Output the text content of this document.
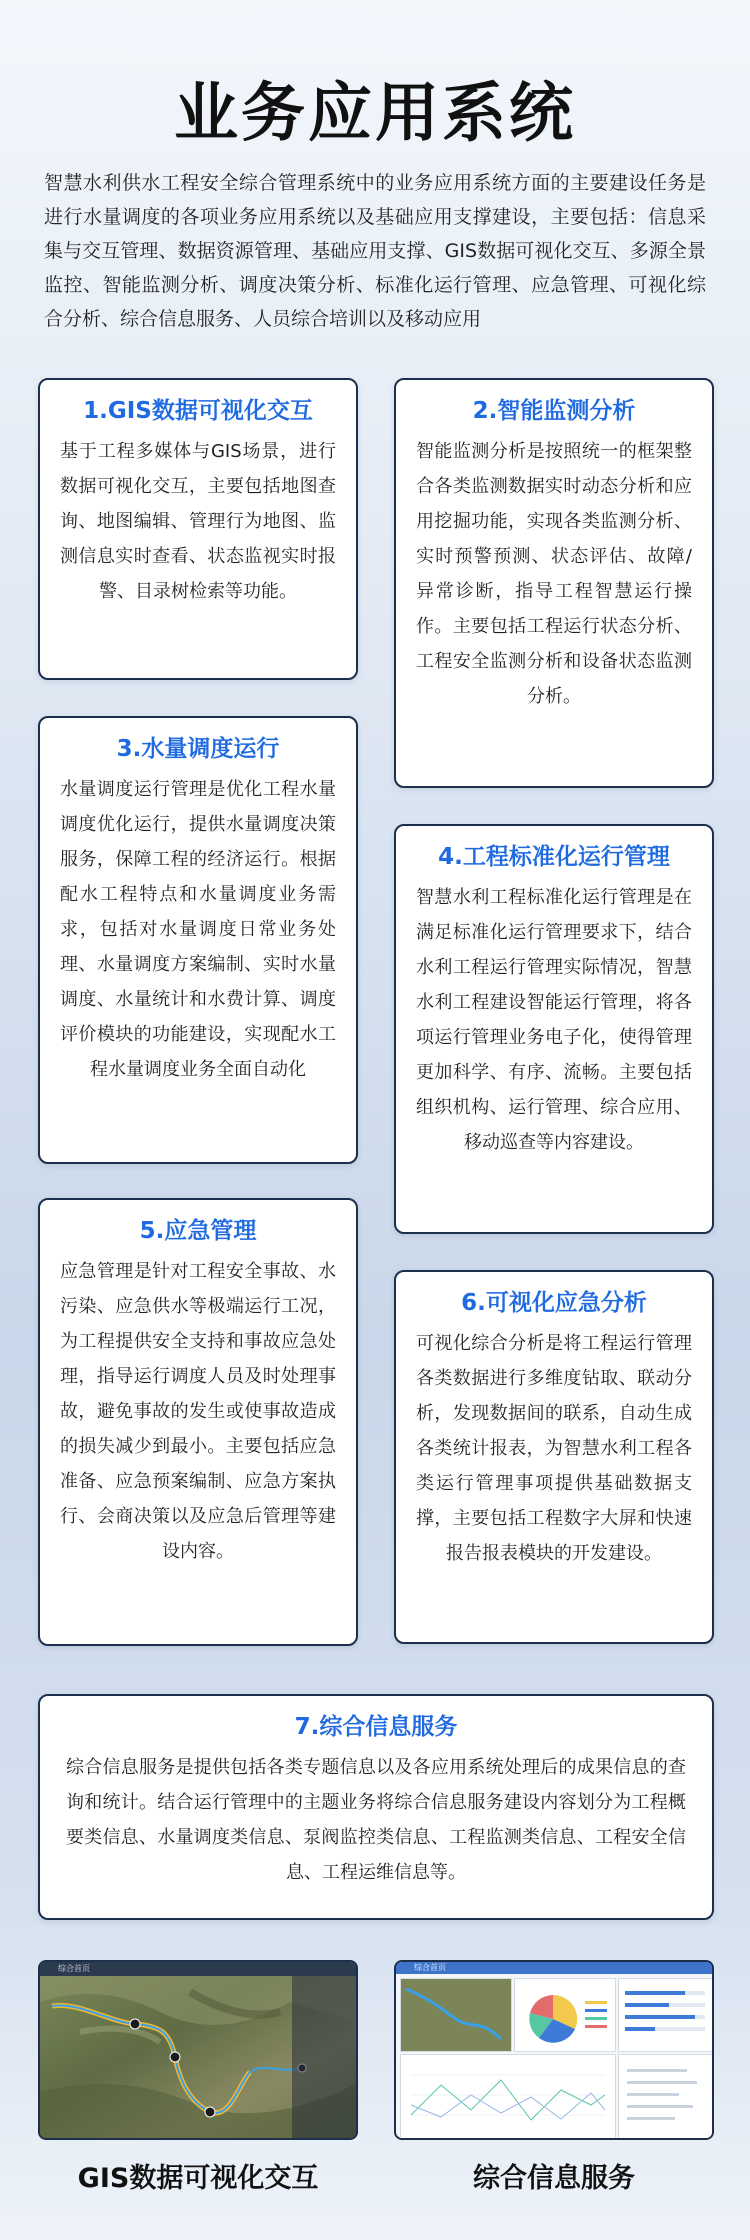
业务应用系统
智慧水利供水工程安全综合管理系统中的业务应用系统方面的主要建设任务是进行水量调度的各项业务应用系统以及基础应用支撑建设，主要包括：信息采集与交互管理、数据资源管理、基础应用支撑、GIS数据可视化交互、多源全景监控、智能监测分析、调度决策分析、标准化运行管理、应急管理、可视化综合分析、综合信息服务、人员综合培训以及移动应用
1.GIS数据可视化交互
基于工程多媒体与GIS场景，进行数据可视化交互，主要包括地图查询、地图编辑、管理行为地图、监测信息实时查看、状态监视实时报警、目录树检索等功能。
2.智能监测分析
智能监测分析是按照统一的框架整合各类监测数据实时动态分析和应用挖掘功能，实现各类监测分析、实时预警预测、状态评估、故障/异常诊断，指导工程智慧运行操作。主要包括工程运行状态分析、工程安全监测分析和设备状态监测分析。
3.水量调度运行
水量调度运行管理是优化工程水量调度优化运行，提供水量调度决策服务，保障工程的经济运行。根据配水工程特点和水量调度业务需求，包括对水量调度日常业务处理、水量调度方案编制、实时水量调度、水量统计和水费计算、调度评价模块的功能建设，实现配水工程水量调度业务全面自动化
4.工程标准化运行管理
智慧水利工程标准化运行管理是在满足标准化运行管理要求下，结合水利工程运行管理实际情况，智慧水利工程建设智能运行管理，将各项运行管理业务电子化，使得管理更加科学、有序、流畅。主要包括组织机构、运行管理、综合应用、移动巡查等内容建设。
5.应急管理
应急管理是针对工程安全事故、水污染、应急供水等极端运行工况，为工程提供安全支持和事故应急处理，指导运行调度人员及时处理事故，避免事故的发生或使事故造成的损失减少到最小。主要包括应急准备、应急预案编制、应急方案执行、会商决策以及应急后管理等建设内容。
6.可视化应急分析
可视化综合分析是将工程运行管理各类数据进行多维度钻取、联动分析，发现数据间的联系，自动生成各类统计报表，为智慧水利工程各类运行管理事项提供基础数据支撑，主要包括工程数字大屏和快速报告报表模块的开发建设。
7.综合信息服务
综合信息服务是提供包括各类专题信息以及各应用系统处理后的成果信息的查询和统计。结合运行管理中的主题业务将综合信息服务建设内容划分为工程概要类信息、水量调度类信息、泵阀监控类信息、工程监测类信息、工程安全信息、工程运维信息等。
综合首页	综合首页
GIS数据可视化交互	综合信息服务
